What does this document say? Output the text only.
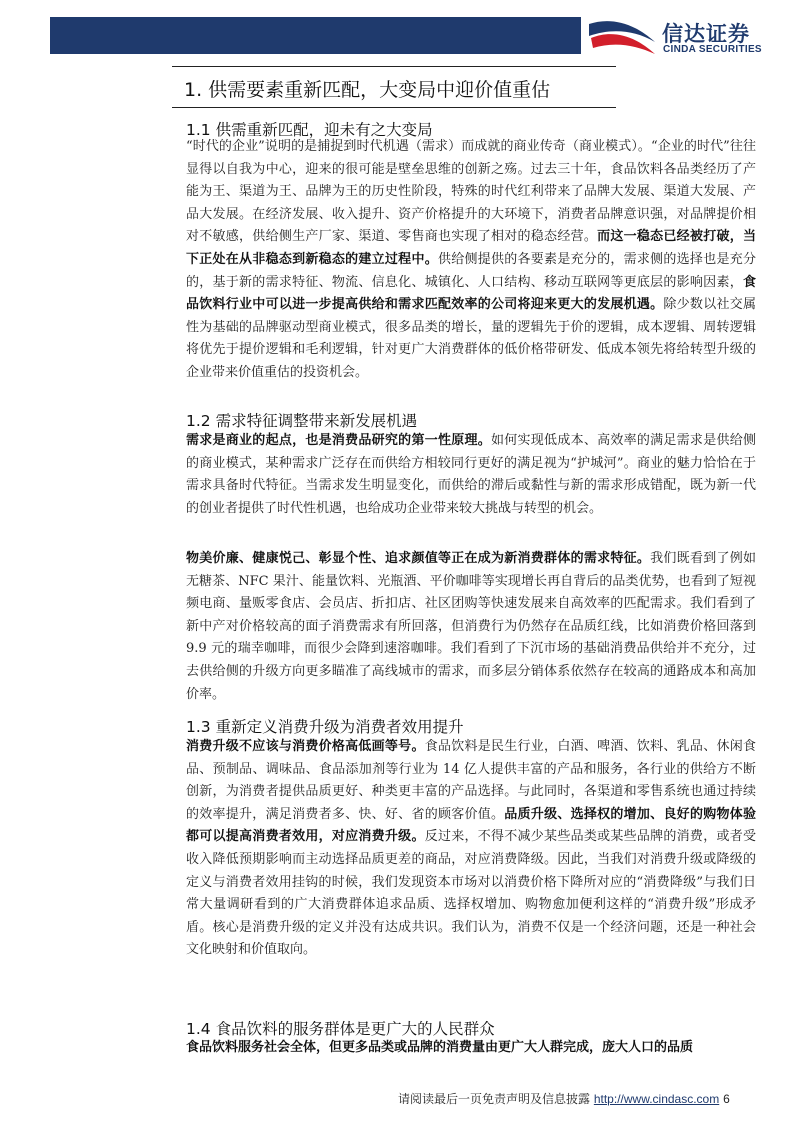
信达证券
CINDA SECURITIES
1. 供需要素重新匹配，大变局中迎价值重估
1.1 供需重新匹配，迎未有之大变局

“时代的企业”说明的是捕捉到时代机遇（需求）而成就的商业传奇（商业模式）。“企业的时代”往往显得以自我为中心，迎来的很可能是壁垒思维的创新之殇。过去三十年，食品饮料各品类经历了产能为王、渠道为王、品牌为王的历史性阶段，特殊的时代红利带来了品牌大发展、渠道大发展、产品大发展。在经济发展、收入提升、资产价格提升的大环境下，消费者品牌意识强，对品牌提价相对不敏感，供给侧生产厂家、渠道、零售商也实现了相对的稳态经营。而这一稳态已经被打破，当下正处在从非稳态到新稳态的建立过程中。供给侧提供的各要素是充分的，需求侧的选择也是充分的，基于新的需求特征、物流、信息化、城镇化、人口结构、移动互联网等更底层的影响因素，食品饮料行业中可以进一步提高供给和需求匹配效率的公司将迎来更大的发展机遇。除少数以社交属性为基础的品牌驱动型商业模式，很多品类的增长，量的逻辑先于价的逻辑，成本逻辑、周转逻辑将优先于提价逻辑和毛利逻辑，针对更广大消费群体的低价格带研发、低成本领先将给转型升级的企业带来价值重估的投资机会。

1.2 需求特征调整带来新发展机遇

需求是商业的起点，也是消费品研究的第一性原理。如何实现低成本、高效率的满足需求是供给侧的商业模式，某种需求广泛存在而供给方相较同行更好的满足视为“护城河”。商业的魅力恰恰在于需求具备时代特征。当需求发生明显变化，而供给的滞后或黏性与新的需求形成错配，既为新一代的创业者提供了时代性机遇，也给成功企业带来较大挑战与转型的机会。

物美价廉、健康悦己、彰显个性、追求颜值等正在成为新消费群体的需求特征。我们既看到了例如无糖茶、NFC 果汁、能量饮料、光瓶酒、平价咖啡等实现增长再自背后的品类优势，也看到了短视频电商、量贩零食店、会员店、折扣店、社区团购等快速发展来自高效率的匹配需求。我们看到了新中产对价格较高的面子消费需求有所回落，但消费行为仍然存在品质红线，比如消费价格回落到 9.9 元的瑞幸咖啡，而很少会降到速溶咖啡。我们看到了下沉市场的基础消费品供给并不充分，过去供给侧的升级方向更多瞄准了高线城市的需求，而多层分销体系依然存在较高的通路成本和高加价率。

1.3 重新定义消费升级为消费者效用提升

消费升级不应该与消费价格高低画等号。食品饮料是民生行业，白酒、啤酒、饮料、乳品、休闲食品、预制品、调味品、食品添加剂等行业为 14 亿人提供丰富的产品和服务，各行业的供给方不断创新，为消费者提供品质更好、种类更丰富的产品选择。与此同时，各渠道和零售系统也通过持续的效率提升，满足消费者多、快、好、省的顾客价值。品质升级、选择权的增加、良好的购物体验都可以提高消费者效用，对应消费升级。反过来，不得不减少某些品类或某些品牌的消费，或者受收入降低预期影响而主动选择品质更差的商品，对应消费降级。因此，当我们对消费升级或降级的定义与消费者效用挂钩的时候，我们发现资本市场对以消费价格下降所对应的“消费降级”与我们日常大量调研看到的广大消费群体追求品质、选择权增加、购物愈加便利这样的“消费升级”形成矛盾。核心是消费升级的定义并没有达成共识。我们认为，消费不仅是一个经济问题，还是一种社会文化映射和价值取向。

1.4 食品饮料的服务群体是更广大的人民群众

食品饮料服务社会全体，但更多品类或品牌的消费量由更广大人群完成，庞大人口的品质

请阅读最后一页免责声明及信息披露 http://www.cindasc.com 6
